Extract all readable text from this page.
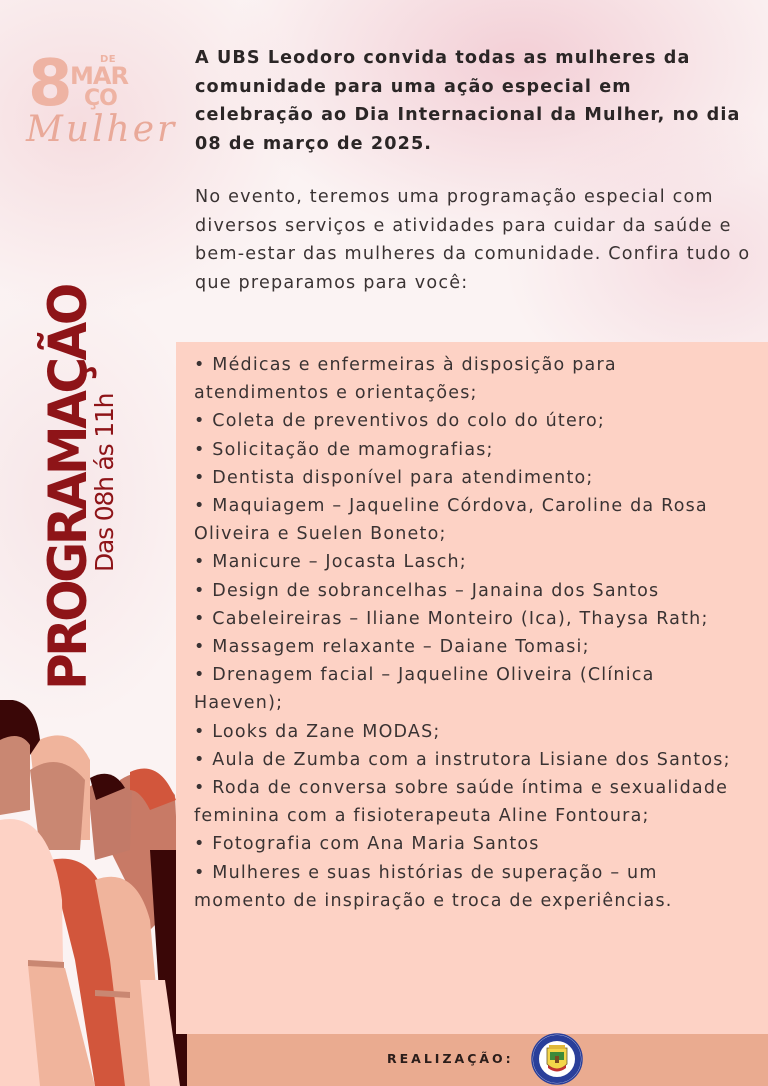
8	DE
MAR
ÇO
Mulher

A UBS Leodoro convida todas as mulheres da comunidade para uma ação especial em celebração ao Dia Internacional da Mulher, no dia 08 de março de 2025.

No evento, teremos uma programação especial com diversos serviços e atividades para cuidar da saúde e bem-estar das mulheres da comunidade. Confira tudo o que preparamos para você:

PROGRAMAÇÃO
Das 08h ás 11h
• Médicas e enfermeiras à disposição para atendimentos e orientações;
• Coleta de preventivos do colo do útero;
• Solicitação de mamografias;
• Dentista disponível para atendimento;
• Maquiagem – Jaqueline Córdova, Caroline da Rosa Oliveira e Suelen Boneto;
• Manicure – Jocasta Lasch;
• Design de sobrancelhas – Janaina dos Santos
• Cabeleireiras – Iliane Monteiro (Ica), Thaysa Rath;
• Massagem relaxante – Daiane Tomasi;
• Drenagem facial – Jaqueline Oliveira (Clínica Haeven);
• Looks da Zane MODAS;
• Aula de Zumba com a instrutora Lisiane dos Santos;
• Roda de conversa sobre saúde íntima e sexualidade feminina com a fisioterapeuta Aline Fontoura;
• Fotografia com Ana Maria Santos
• Mulheres e suas histórias de superação – um momento de inspiração e troca de experiências.
REALIZAÇÃO:
